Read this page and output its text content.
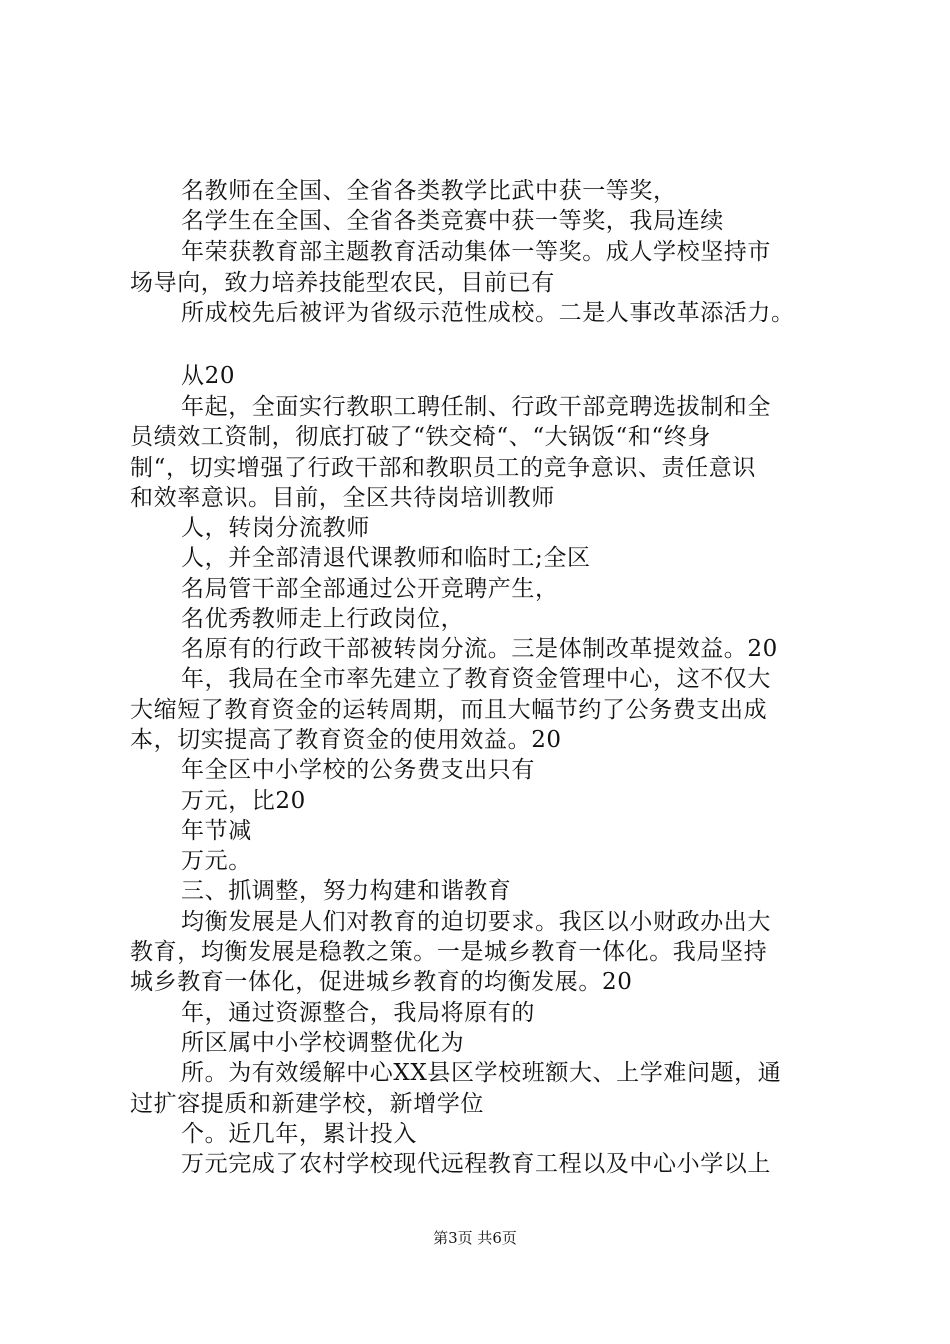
名教师在全国、全省各类教学比武中获一等奖，
名学生在全国、全省各类竞赛中获一等奖，我局连续
年荣获教育部主题教育活动集体一等奖。成人学校坚持市
场导向，致力培养技能型农民，目前已有
所成校先后被评为省级示范性成校。二是人事改革添活力。
从20
年起，全面实行教职工聘任制、行政干部竞聘选拔制和全
员绩效工资制，彻底打破了“铁交椅“、“大锅饭“和“终身
制“，切实增强了行政干部和教职员工的竞争意识、责任意识
和效率意识。目前，全区共待岗培训教师
人，转岗分流教师
人，并全部清退代课教师和临时工;全区
名局管干部全部通过公开竞聘产生，
名优秀教师走上行政岗位，
名原有的行政干部被转岗分流。三是体制改革提效益。20
年，我局在全市率先建立了教育资金管理中心，这不仅大
大缩短了教育资金的运转周期，而且大幅节约了公务费支出成
本，切实提高了教育资金的使用效益。20
年全区中小学校的公务费支出只有
万元，比20
年节减
万元。
三、抓调整，努力构建和谐教育
均衡发展是人们对教育的迫切要求。我区以小财政办出大
教育，均衡发展是稳教之策。一是城乡教育一体化。我局坚持
城乡教育一体化，促进城乡教育的均衡发展。20
年，通过资源整合，我局将原有的
所区属中小学校调整优化为
所。为有效缓解中心XX县区学校班额大、上学难问题，通
过扩容提质和新建学校，新增学位
个。近几年，累计投入
万元完成了农村学校现代远程教育工程以及中心小学以上
第3页 共6页
